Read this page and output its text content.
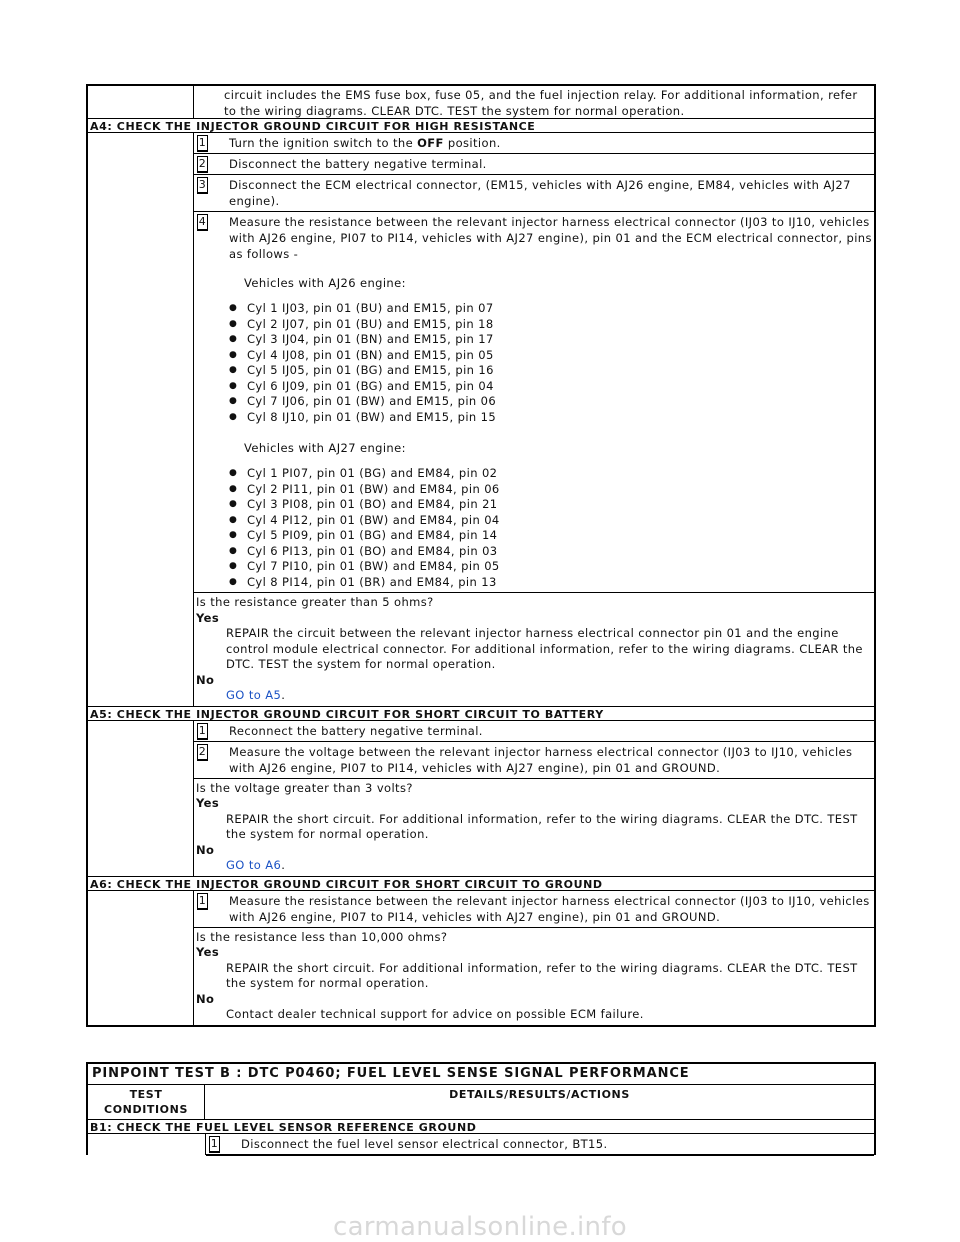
circuit includes the EMS fuse box, fuse 05, and the fuel injection relay. For additional information, refer to the wiring diagrams. CLEAR DTC. TEST the system for normal operation.
A4: CHECK THE INJECTOR GROUND CIRCUIT FOR HIGH RESISTANCE
1 Turn the ignition switch to the OFF position.
2 Disconnect the battery negative terminal.
3 Disconnect the ECM electrical connector, (EM15, vehicles with AJ26 engine, EM84, vehicles with AJ27 engine).
4 Measure the resistance between the relevant injector harness electrical connector (IJ03 to IJ10, vehicles with AJ26 engine, PI07 to PI14, vehicles with AJ27 engine), pin 01 and the ECM electrical connector, pins as follows -
Vehicles with AJ26 engine:
● Cyl 1 IJ03, pin 01 (BU) and EM15, pin 07
● Cyl 2 IJ07, pin 01 (BU) and EM15, pin 18
● Cyl 3 IJ04, pin 01 (BN) and EM15, pin 17
● Cyl 4 IJ08, pin 01 (BN) and EM15, pin 05
● Cyl 5 IJ05, pin 01 (BG) and EM15, pin 16
● Cyl 6 IJ09, pin 01 (BG) and EM15, pin 04
● Cyl 7 IJ06, pin 01 (BW) and EM15, pin 06
● Cyl 8 IJ10, pin 01 (BW) and EM15, pin 15
Vehicles with AJ27 engine:
● Cyl 1 PI07, pin 01 (BG) and EM84, pin 02
● Cyl 2 PI11, pin 01 (BW) and EM84, pin 06
● Cyl 3 PI08, pin 01 (BO) and EM84, pin 21
● Cyl 4 PI12, pin 01 (BW) and EM84, pin 04
● Cyl 5 PI09, pin 01 (BG) and EM84, pin 14
● Cyl 6 PI13, pin 01 (BO) and EM84, pin 03
● Cyl 7 PI10, pin 01 (BW) and EM84, pin 05
● Cyl 8 PI14, pin 01 (BR) and EM84, pin 13
Is the resistance greater than 5 ohms?
Yes
REPAIR the circuit between the relevant injector harness electrical connector pin 01 and the engine control module electrical connector. For additional information, refer to the wiring diagrams. CLEAR the DTC. TEST the system for normal operation.
No
GO to A5.
A5: CHECK THE INJECTOR GROUND CIRCUIT FOR SHORT CIRCUIT TO BATTERY
1 Reconnect the battery negative terminal.
2 Measure the voltage between the relevant injector harness electrical connector (IJ03 to IJ10, vehicles with AJ26 engine, PI07 to PI14, vehicles with AJ27 engine), pin 01 and GROUND.
Is the voltage greater than 3 volts?
Yes
REPAIR the short circuit. For additional information, refer to the wiring diagrams. CLEAR the DTC. TEST the system for normal operation.
No
GO to A6.
A6: CHECK THE INJECTOR GROUND CIRCUIT FOR SHORT CIRCUIT TO GROUND
1 Measure the resistance between the relevant injector harness electrical connector (IJ03 to IJ10, vehicles with AJ26 engine, PI07 to PI14, vehicles with AJ27 engine), pin 01 and GROUND.
Is the resistance less than 10,000 ohms?
Yes
REPAIR the short circuit. For additional information, refer to the wiring diagrams. CLEAR the DTC. TEST the system for normal operation.
No
Contact dealer technical support for advice on possible ECM failure.
PINPOINT TEST B : DTC P0460; FUEL LEVEL SENSE SIGNAL PERFORMANCE
TEST CONDITIONS
DETAILS/RESULTS/ACTIONS
B1: CHECK THE FUEL LEVEL SENSOR REFERENCE GROUND
1 Disconnect the fuel level sensor electrical connector, BT15.
carmanualsonline.info
